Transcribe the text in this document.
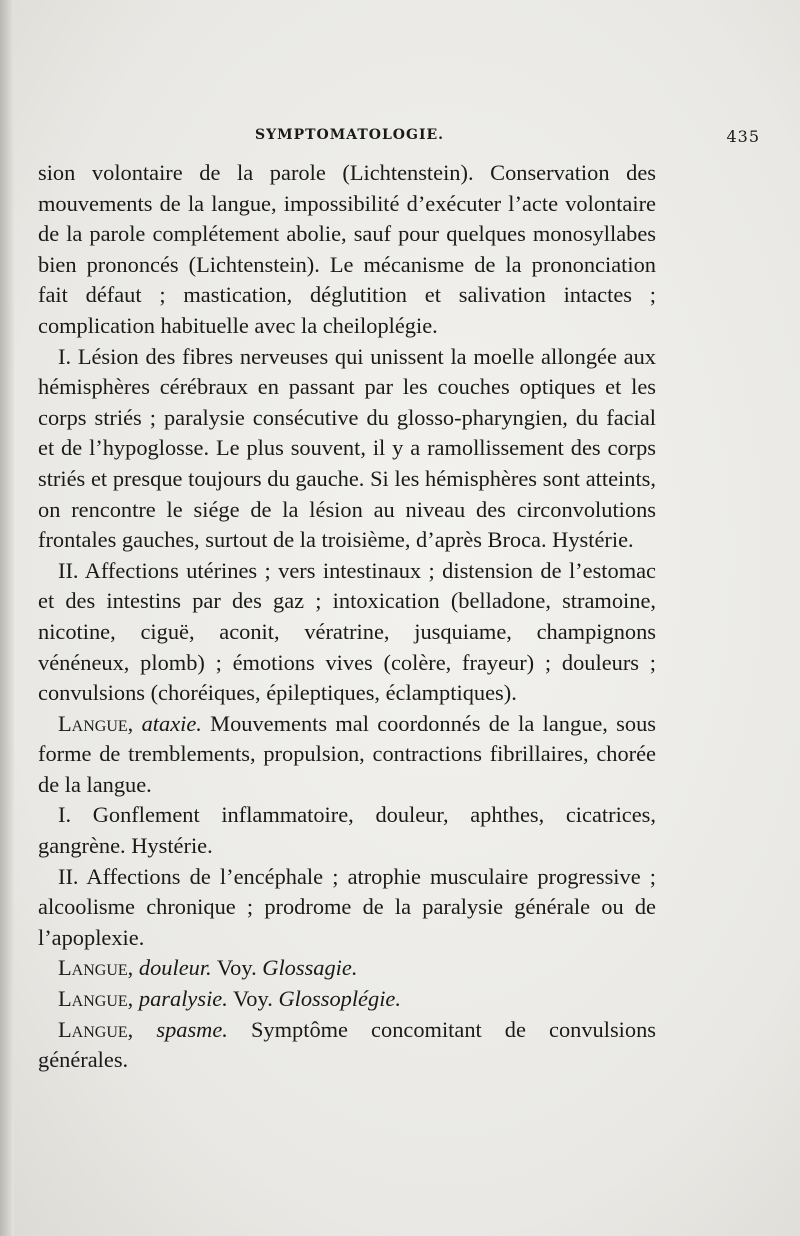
SYMPTOMATOLOGIE.	435

sion volontaire de la parole (Lichtenstein). Conservation des mouvements de la langue, impossibilité d’exécuter l’acte volontaire de la parole complétement abolie, sauf pour quelques monosyllabes bien prononcés (Lichtenstein). Le mécanisme de la prononciation fait défaut ; mastication, déglutition et salivation intactes ; complication habituelle avec la cheiloplégie.

I. Lésion des fibres nerveuses qui unissent la moelle allongée aux hémisphères cérébraux en passant par les couches optiques et les corps striés ; paralysie consécutive du glosso-pharyngien, du facial et de l’hypoglosse. Le plus souvent, il y a ramollissement des corps striés et presque toujours du gauche. Si les hémisphères sont atteints, on rencontre le siége de la lésion au niveau des circonvolutions frontales gauches, surtout de la troisième, d’après Broca. Hystérie.

II. Affections utérines ; vers intestinaux ; distension de l’estomac et des intestins par des gaz ; intoxication (belladone, stramoine, nicotine, ciguë, aconit, vératrine, jusquiame, champignons vénéneux, plomb) ; émotions vives (colère, frayeur) ; douleurs ; convulsions (choréiques, épileptiques, éclamptiques).

Langue, ataxie. Mouvements mal coordonnés de la langue, sous forme de tremblements, propulsion, contractions fibrillaires, chorée de la langue.

I. Gonflement inflammatoire, douleur, aphthes, cicatrices, gangrène. Hystérie.

II. Affections de l’encéphale ; atrophie musculaire progressive ; alcoolisme chronique ; prodrome de la paralysie générale ou de l’apoplexie.

Langue, douleur. Voy. Glossagie.

Langue, paralysie. Voy. Glossoplégie.

Langue, spasme. Symptôme concomitant de convulsions générales.
